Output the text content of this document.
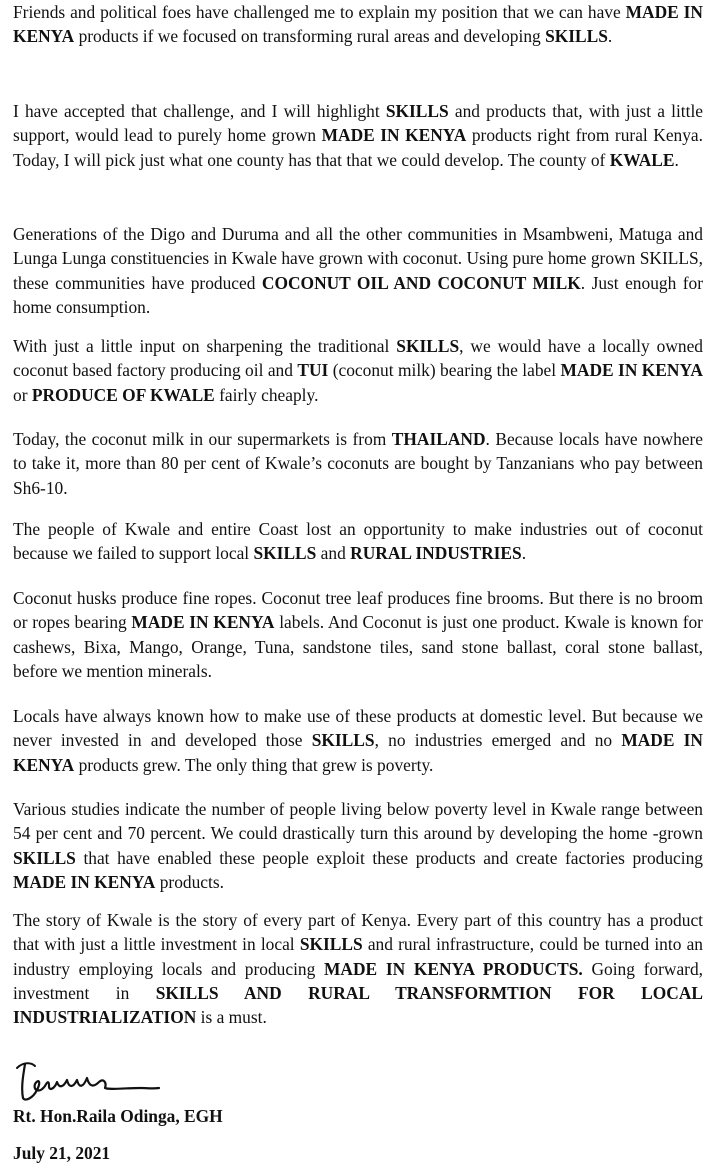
Friends and political foes have challenged me to explain my position that we can have MADE IN KENYA products if we focused on transforming rural areas and developing SKILLS.

I have accepted that challenge, and I will highlight SKILLS and products that, with just a little support, would lead to purely home grown MADE IN KENYA products right from rural Kenya. Today, I will pick just what one county has that that we could develop. The county of KWALE.

Generations of the Digo and Duruma and all the other communities in Msambweni, Matuga and Lunga Lunga constituencies in Kwale have grown with coconut. Using pure home grown SKILLS, these communities have produced COCONUT OIL AND COCONUT MILK. Just enough for home consumption.

With just a little input on sharpening the traditional SKILLS, we would have a locally owned coconut based factory producing oil and TUI (coconut milk) bearing the label MADE IN KENYA or PRODUCE OF KWALE fairly cheaply.

Today, the coconut milk in our supermarkets is from THAILAND. Because locals have nowhere to take it, more than 80 per cent of Kwale’s coconuts are bought by Tanzanians who pay between Sh6-10.

The people of Kwale and entire Coast lost an opportunity to make industries out of coconut because we failed to support local SKILLS and RURAL INDUSTRIES.

Coconut husks produce fine ropes. Coconut tree leaf produces fine brooms. But there is no broom or ropes bearing MADE IN KENYA labels. And Coconut is just one product. Kwale is known for cashews, Bixa, Mango, Orange, Tuna, sandstone tiles, sand stone ballast, coral stone ballast, before we mention minerals.

Locals have always known how to make use of these products at domestic level. But because we never invested in and developed those SKILLS, no industries emerged and no MADE IN KENYA products grew. The only thing that grew is poverty.

Various studies indicate the number of people living below poverty level in Kwale range between 54 per cent and 70 percent. We could drastically turn this around by developing the home -grown SKILLS that have enabled these people exploit these products and create factories producing MADE IN KENYA products.

The story of Kwale is the story of every part of Kenya. Every part of this country has a product that with just a little investment in local SKILLS and rural infrastructure, could be turned into an industry employing locals and producing MADE IN KENYA PRODUCTS. Going forward, investment in SKILLS AND RURAL TRANSFORMTION FOR LOCAL INDUSTRIALIZATION is a must.

Rt. Hon.Raila Odinga, EGH
July 21, 2021
